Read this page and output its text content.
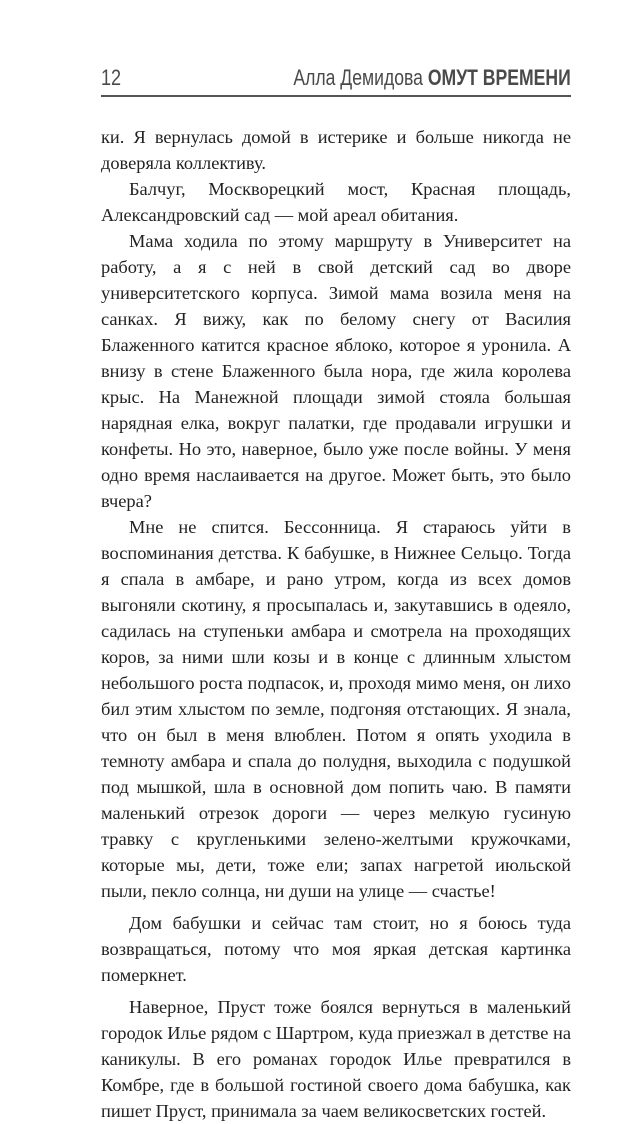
12	Алла Демидова ОМУТ ВРЕМЕНИ

ки. Я вернулась домой в истерике и больше никогда не доверяла коллективу.

Балчуг, Москворецкий мост, Красная площадь, Александровский сад — мой ареал обитания.

Мама ходила по этому маршруту в Университет на работу, а я с ней в свой детский сад во дворе университетского корпуса. Зимой мама возила меня на санках. Я вижу, как по белому снегу от Василия Блаженного катится красное яблоко, которое я уронила. А внизу в стене Блаженного была нора, где жила королева крыс. На Манежной площади зимой стояла большая нарядная елка, вокруг палатки, где продавали игрушки и конфеты. Но это, наверное, было уже после войны. У меня одно время наслаивается на другое. Может быть, это было вчера?

Мне не спится. Бессонница. Я стараюсь уйти в воспоминания детства. К бабушке, в Нижнее Сельцо. Тогда я спала в амбаре, и рано утром, когда из всех домов выгоняли скотину, я просыпалась и, закутавшись в одеяло, садилась на ступеньки амбара и смотрела на проходящих коров, за ними шли козы и в конце с длинным хлыстом небольшого роста подпасок, и, проходя мимо меня, он лихо бил этим хлыстом по земле, подгоняя отстающих. Я знала, что он был в меня влюблен. Потом я опять уходила в темноту амбара и спала до полудня, выходила с подушкой под мышкой, шла в основной дом попить чаю. В памяти маленький отрезок дороги — через мелкую гусиную травку с кругленькими зелено-желтыми кружочками, которые мы, дети, тоже ели; запах нагретой июльской пыли, пекло солнца, ни души на улице — счастье!

Дом бабушки и сейчас там стоит, но я боюсь туда возвращаться, потому что моя яркая детская картинка померкнет.

Наверное, Пруст тоже боялся вернуться в маленький городок Илье рядом с Шартром, куда приезжал в детстве на каникулы. В его романах городок Илье превратился в Комбре, где в большой гостиной своего дома бабушка, как пишет Пруст, принимала за чаем великосветских гостей.
